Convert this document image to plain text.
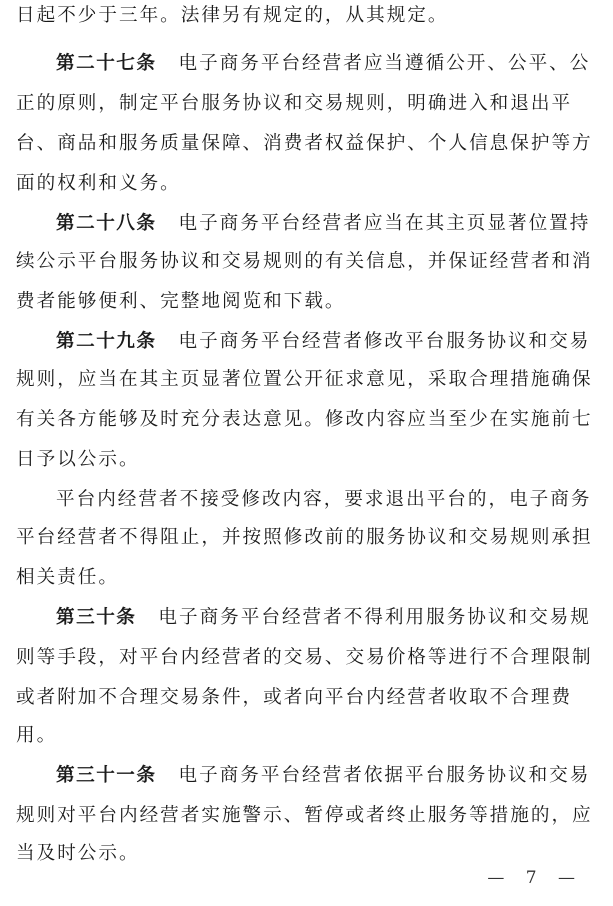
日起不少于三年。法律另有规定的，从其规定。
第二十七条 电子商务平台经营者应当遵循公开、公平、公
正的原则，制定平台服务协议和交易规则，明确进入和退出平
台、商品和服务质量保障、消费者权益保护、个人信息保护等方
面的权利和义务。
第二十八条 电子商务平台经营者应当在其主页显著位置持
续公示平台服务协议和交易规则的有关信息，并保证经营者和消
费者能够便利、完整地阅览和下载。
第二十九条 电子商务平台经营者修改平台服务协议和交易
规则，应当在其主页显著位置公开征求意见，采取合理措施确保
有关各方能够及时充分表达意见。修改内容应当至少在实施前七
日予以公示。
平台内经营者不接受修改内容，要求退出平台的，电子商务
平台经营者不得阻止，并按照修改前的服务协议和交易规则承担
相关责任。
第三十条 电子商务平台经营者不得利用服务协议和交易规
则等手段，对平台内经营者的交易、交易价格等进行不合理限制
或者附加不合理交易条件，或者向平台内经营者收取不合理费
用。
第三十一条 电子商务平台经营者依据平台服务协议和交易
规则对平台内经营者实施警示、暂停或者终止服务等措施的，应
当及时公示。
— 7 —
